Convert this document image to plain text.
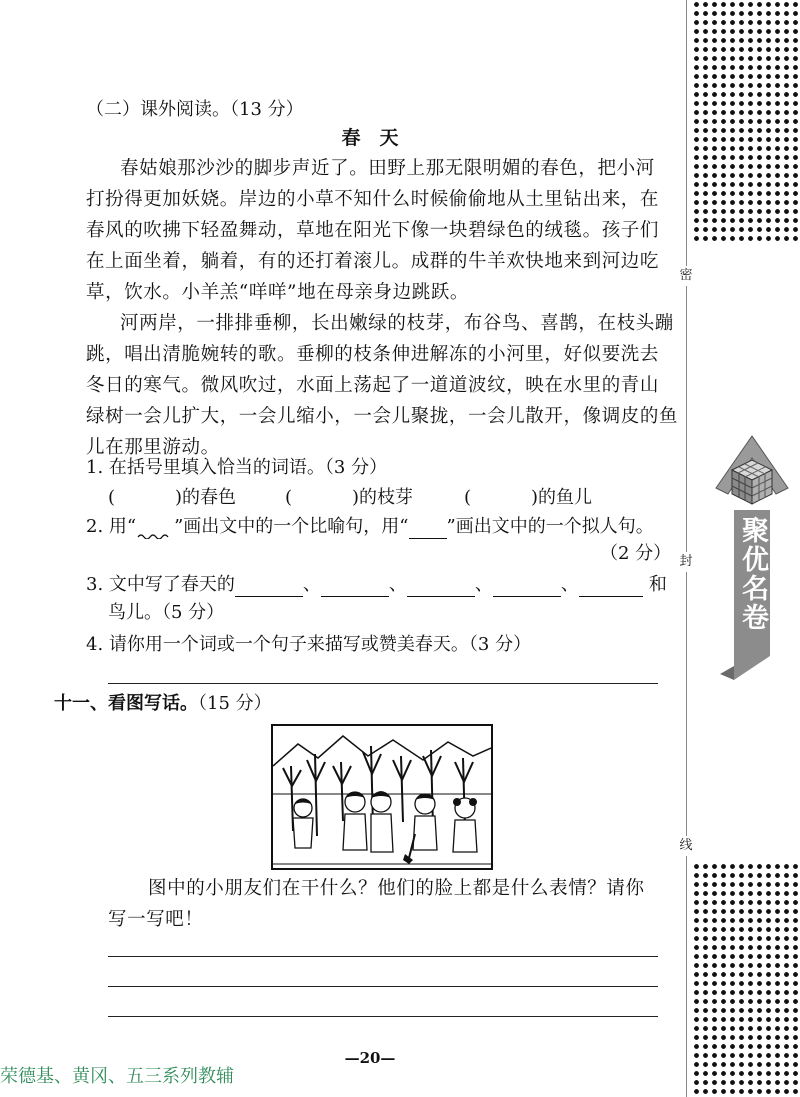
（二）课外阅读。（13 分）
春　天
春姑娘那沙沙的脚步声近了。田野上那无限明媚的春色，把小河
打扮得更加妖娆。岸边的小草不知什么时候偷偷地从土里钻出来，在
春风的吹拂下轻盈舞动，草地在阳光下像一块碧绿色的绒毯。孩子们
在上面坐着，躺着，有的还打着滚儿。成群的牛羊欢快地来到河边吃
草，饮水。小羊羔“咩咩”地在母亲身边跳跃。
河两岸，一排排垂柳，长出嫩绿的枝芽，布谷鸟、喜鹊，在枝头蹦
跳，唱出清脆婉转的歌。垂柳的枝条伸进解冻的小河里，好似要洗去
冬日的寒气。微风吹过，水面上荡起了一道道波纹，映在水里的青山
绿树一会儿扩大，一会儿缩小，一会儿聚拢，一会儿散开，像调皮的鱼
儿在那里游动。
1. 在括号里填入恰当的词语。（3 分）
(	)的春色	(	)的枝芽	(	)的鱼儿
2. 用“ ”画出文中的一个比喻句，用“ ”画出文中的一个拟人句。
（2 分）
3. 文中写了春天的	、	、	、	、	和
鸟儿。（5 分）
4. 请你用一个词或一个句子来描写或赞美春天。（3 分）
十一、看图写话。（15 分）
图中的小朋友们在干什么？他们的脸上都是什么表情？请你
写一写吧！
—20—
荣德基、黄冈、五三系列教辅
密
封
线
聚优名卷
